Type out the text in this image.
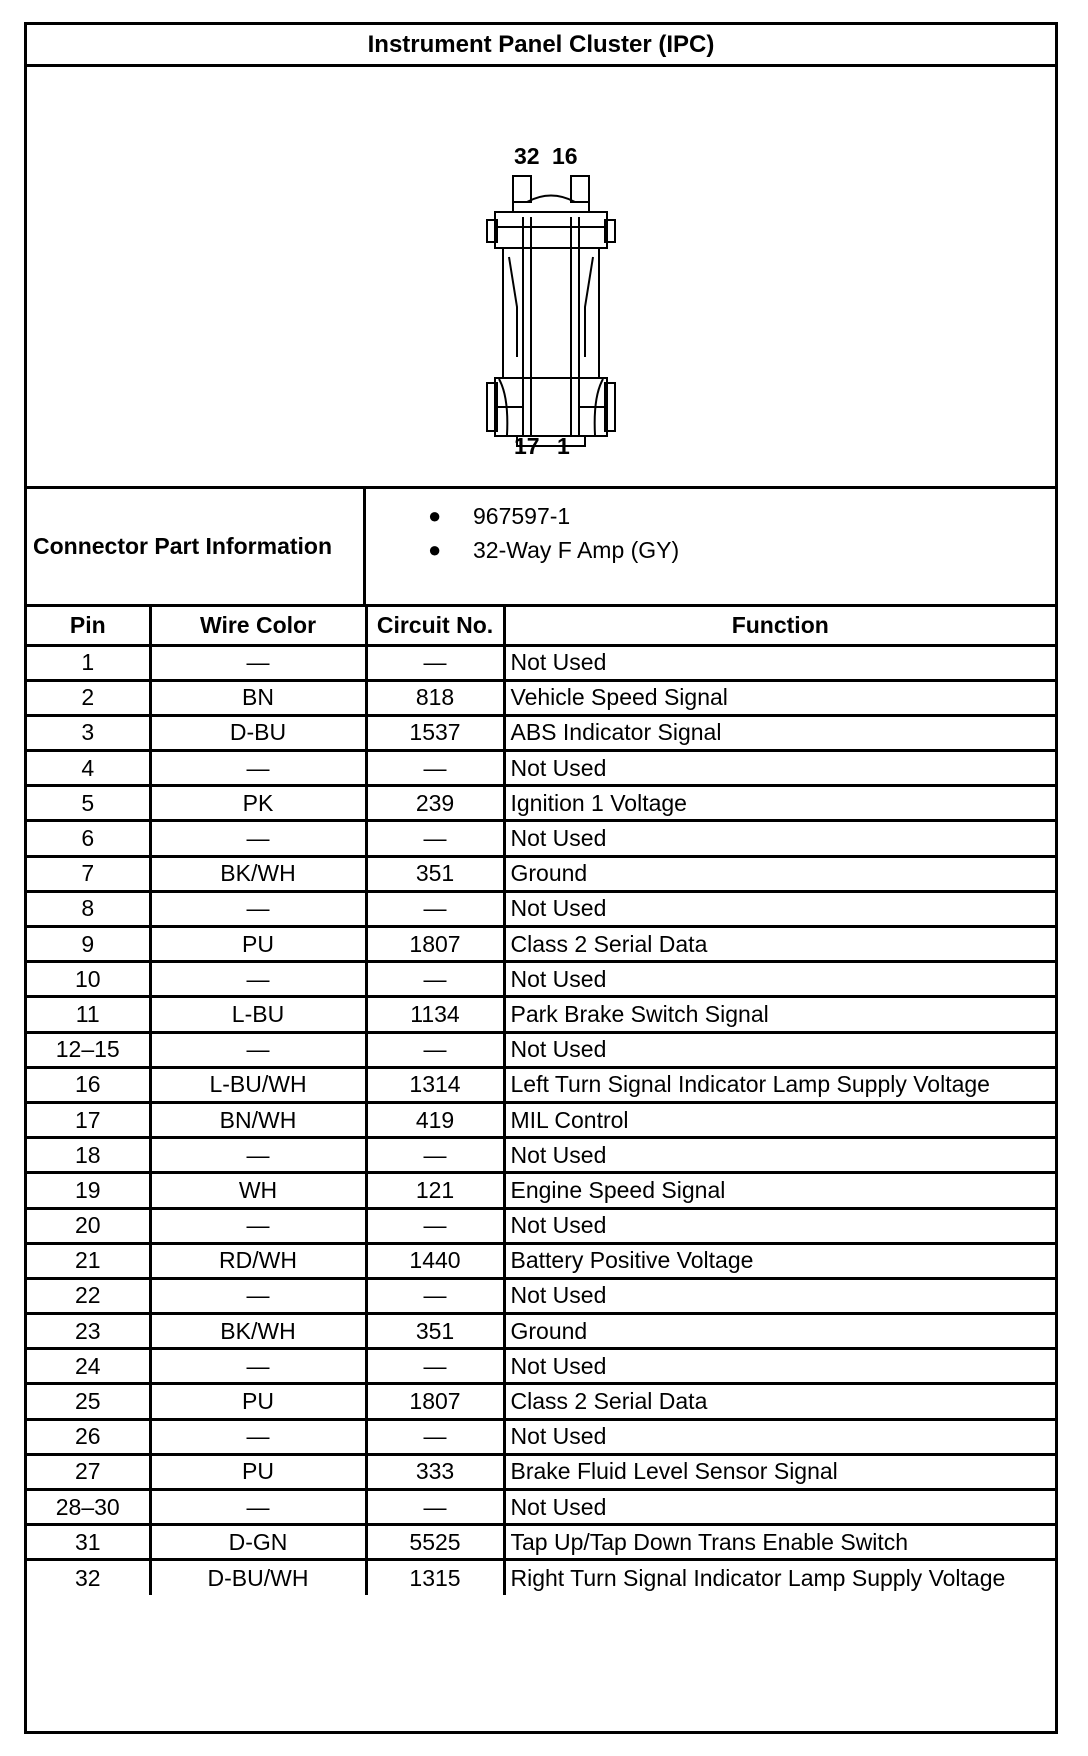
Instrument Panel Cluster (IPC)
32 16
17 1
Connector Part Information
● 967597-1
● 32-Way F Amp (GY)
Pin	Wire Color	Circuit No.	Function
1	—	—	Not Used
2	BN	818	Vehicle Speed Signal
3	D-BU	1537	ABS Indicator Signal
4	—	—	Not Used
5	PK	239	Ignition 1 Voltage
6	—	—	Not Used
7	BK/WH	351	Ground
8	—	—	Not Used
9	PU	1807	Class 2 Serial Data
10	—	—	Not Used
11	L-BU	1134	Park Brake Switch Signal
12–15	—	—	Not Used
16	L-BU/WH	1314	Left Turn Signal Indicator Lamp Supply Voltage
17	BN/WH	419	MIL Control
18	—	—	Not Used
19	WH	121	Engine Speed Signal
20	—	—	Not Used
21	RD/WH	1440	Battery Positive Voltage
22	—	—	Not Used
23	BK/WH	351	Ground
24	—	—	Not Used
25	PU	1807	Class 2 Serial Data
26	—	—	Not Used
27	PU	333	Brake Fluid Level Sensor Signal
28–30	—	—	Not Used
31	D-GN	5525	Tap Up/Tap Down Trans Enable Switch
32	D-BU/WH	1315	Right Turn Signal Indicator Lamp Supply Voltage
